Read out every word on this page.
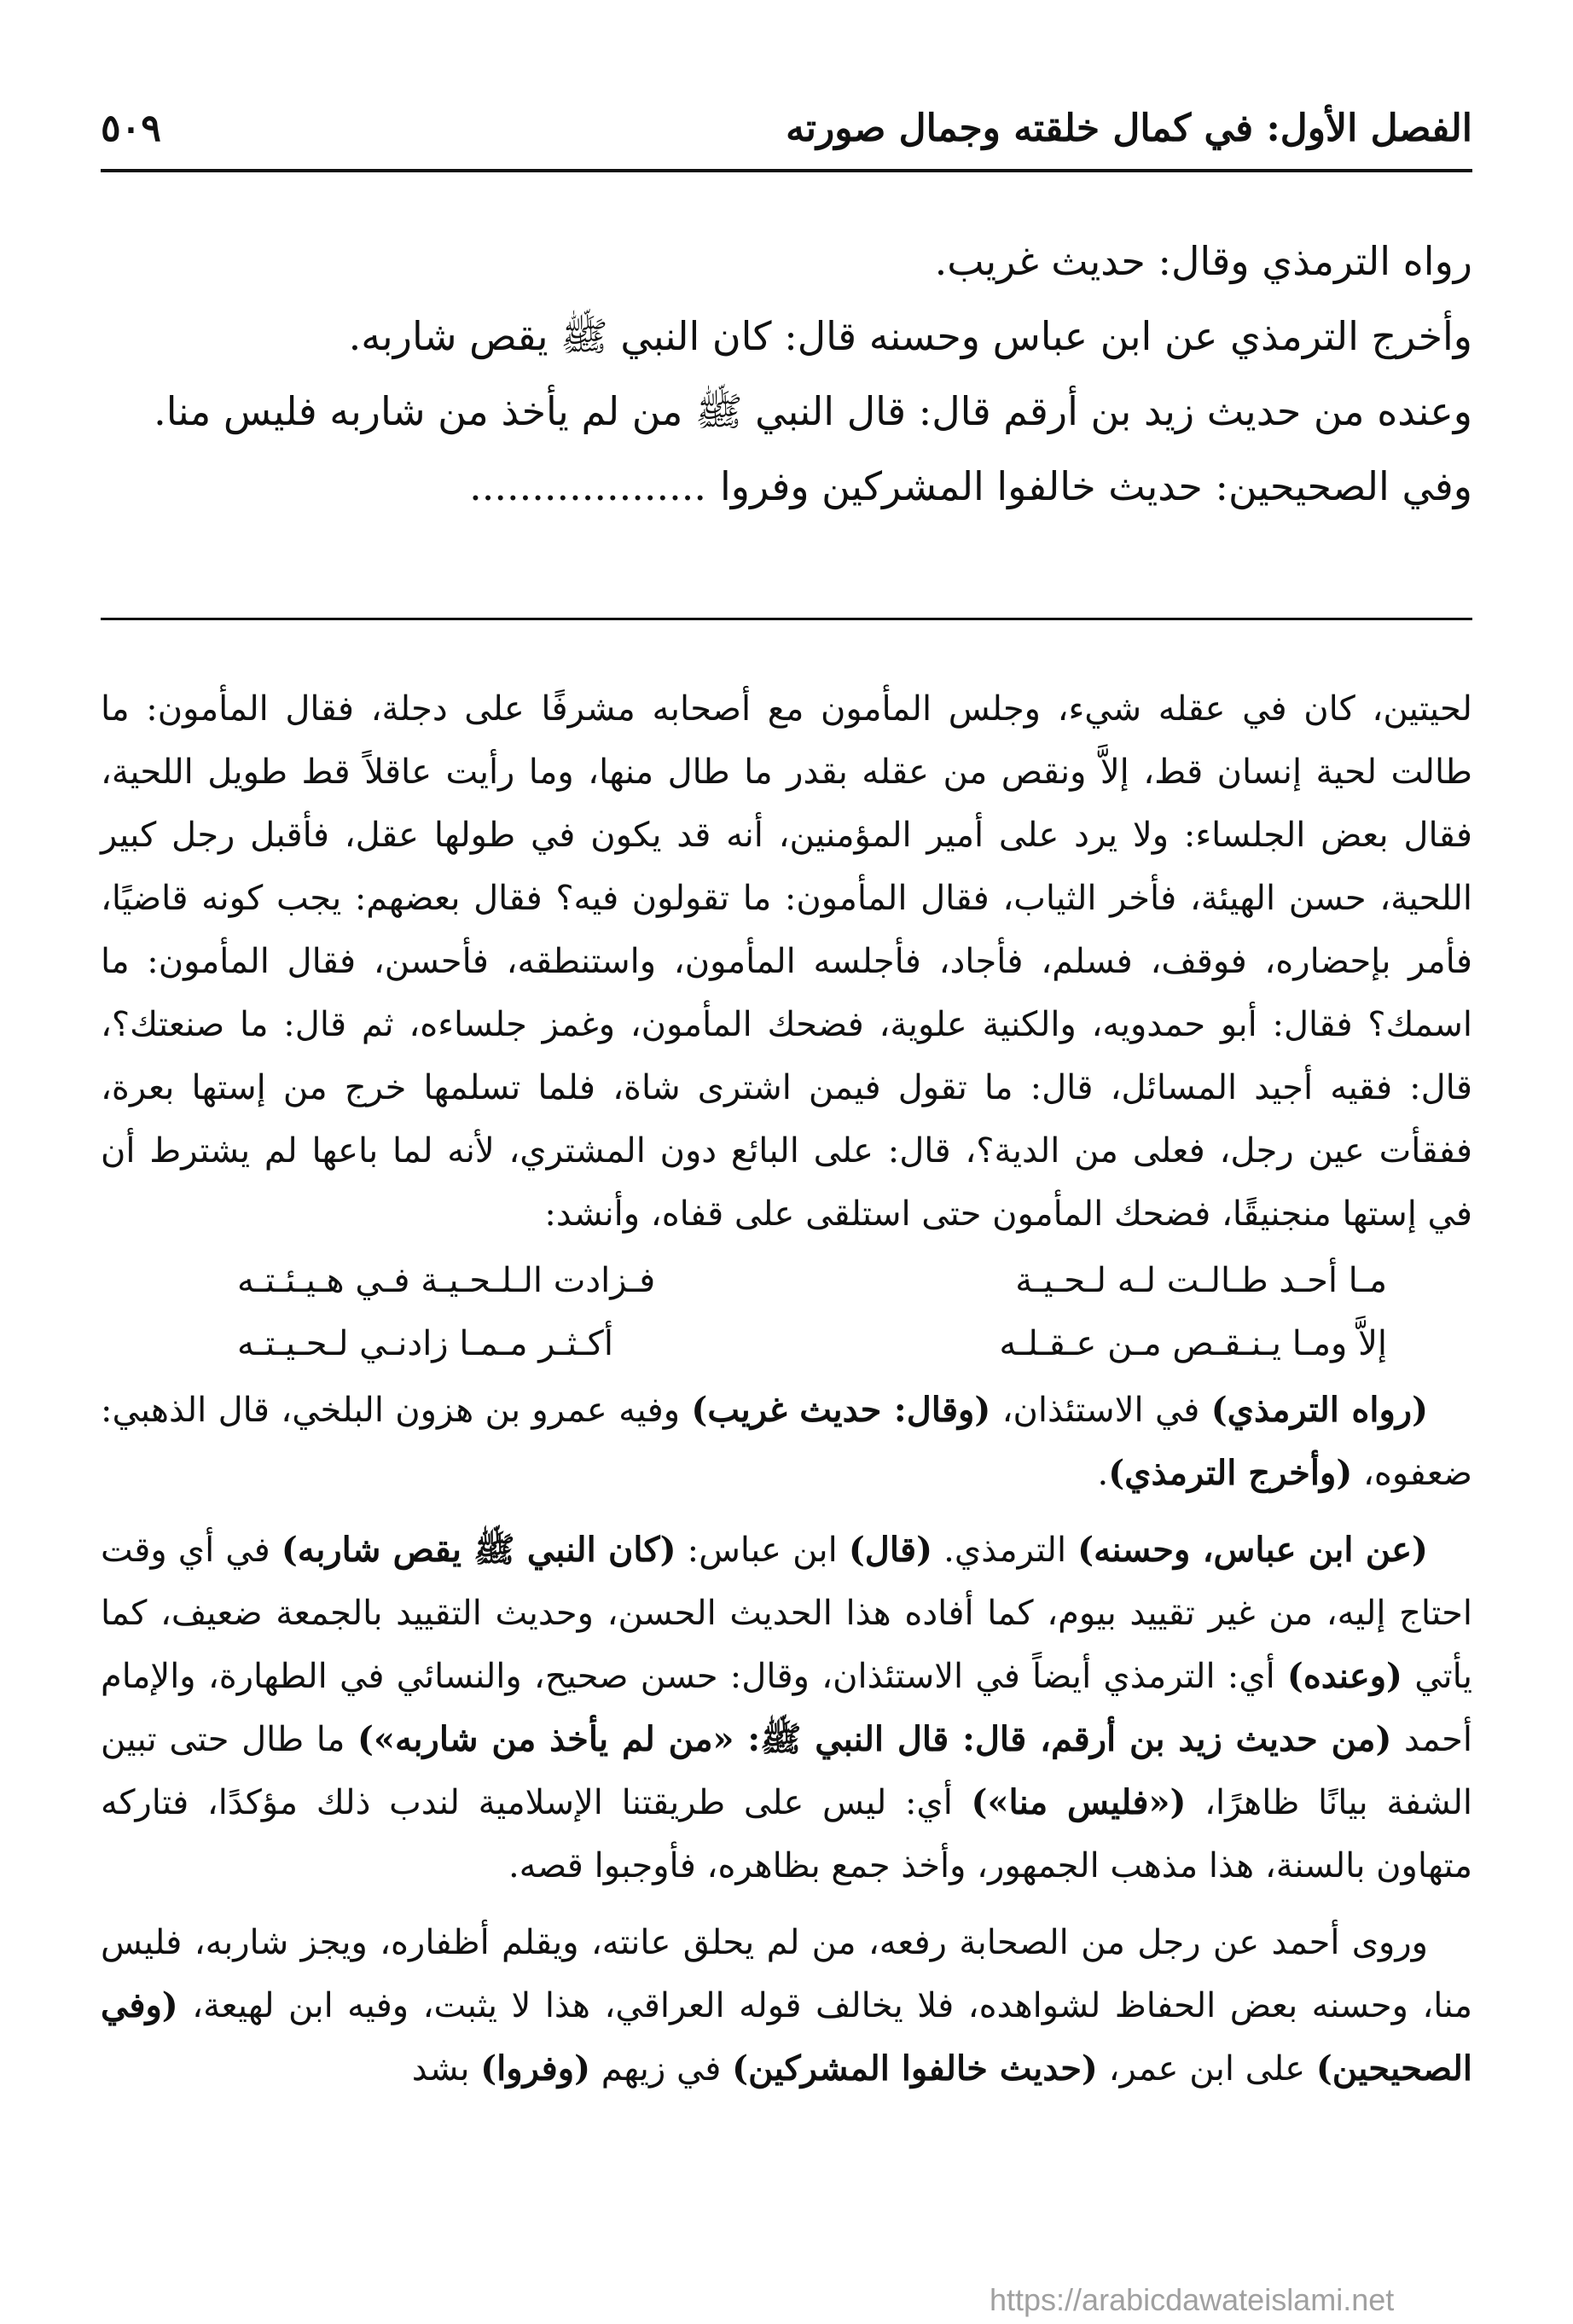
الفصل الأول: في كمال خلقته وجمال صورته
٥٠٩

رواه الترمذي وقال: حديث غريب.

وأخرج الترمذي عن ابن عباس وحسنه قال: كان النبي ﷺ يقص شاربه.

وعنده من حديث زيد بن أرقم قال: قال النبي ﷺ من لم يأخذ من شاربه فليس منا.

وفي الصحيحين: حديث خالفوا المشركين وفروا...................

لحيتين، كان في عقله شيء، وجلس المأمون مع أصحابه مشرفًا على دجلة، فقال المأمون: ما طالت لحية إنسان قط، إلاَّ ونقص من عقله بقدر ما طال منها، وما رأيت عاقلاً قط طويل اللحية، فقال بعض الجلساء: ولا يرد على أمير المؤمنين، أنه قد يكون في طولها عقل، فأقبل رجل كبير اللحية، حسن الهيئة، فأخر الثياب، فقال المأمون: ما تقولون فيه؟ فقال بعضهم: يجب كونه قاضيًا، فأمر بإحضاره، فوقف، فسلم، فأجاد، فأجلسه المأمون، واستنطقه، فأحسن، فقال المأمون: ما اسمك؟ فقال: أبو حمدويه، والكنية علوية، فضحك المأمون، وغمز جلساءه، ثم قال: ما صنعتك؟، قال: فقيه أجيد المسائل، قال: ما تقول فيمن اشترى شاة، فلما تسلمها خرج من إستها بعرة، ففقأت عين رجل، فعلى من الدية؟، قال: على البائع دون المشتري، لأنه لما باعها لم يشترط أن في إستها منجنيقًا، فضحك المأمون حتى استلقى على قفاه، وأنشد:

مـا أحـد طـالـت لـه لـحـيـة
فـزادت الـلـحـيـة فـي هـيـئـتـه
إلاَّ ومـا يـنـقـص مـن عـقـلـه
أكـثـر مـمـا زادنـي لـحـيـتـه

(رواه الترمذي) في الاستئذان، (وقال: حديث غريب) وفيه عمرو بن هزون البلخي، قال الذهبي: ضعفوه، (وأخرج الترمذي).

(عن ابن عباس، وحسنه) الترمذي. (قال) ابن عباس: (كان النبي ﷺ يقص شاربه) في أي وقت احتاج إليه، من غير تقييد بيوم، كما أفاده هذا الحديث الحسن، وحديث التقييد بالجمعة ضعيف، كما يأتي (وعنده) أي: الترمذي أيضاً في الاستئذان، وقال: حسن صحيح، والنسائي في الطهارة، والإمام أحمد (من حديث زيد بن أرقم، قال: قال النبي ﷺ: «من لم يأخذ من شاربه») ما طال حتى تبين الشفة بيانًا ظاهرًا، («فليس منا») أي: ليس على طريقتنا الإسلامية لندب ذلك مؤكدًا، فتاركه متهاون بالسنة، هذا مذهب الجمهور، وأخذ جمع بظاهره، فأوجبوا قصه.

وروى أحمد عن رجل من الصحابة رفعه، من لم يحلق عانته، ويقلم أظفاره، ويجز شاربه، فليس منا، وحسنه بعض الحفاظ لشواهده، فلا يخالف قوله العراقي، هذا لا يثبت، وفيه ابن لهيعة، (وفي الصحيحين) على ابن عمر، (حديث خالفوا المشركين) في زيهم (وفروا) بشد

https://arabicdawateislami.net
